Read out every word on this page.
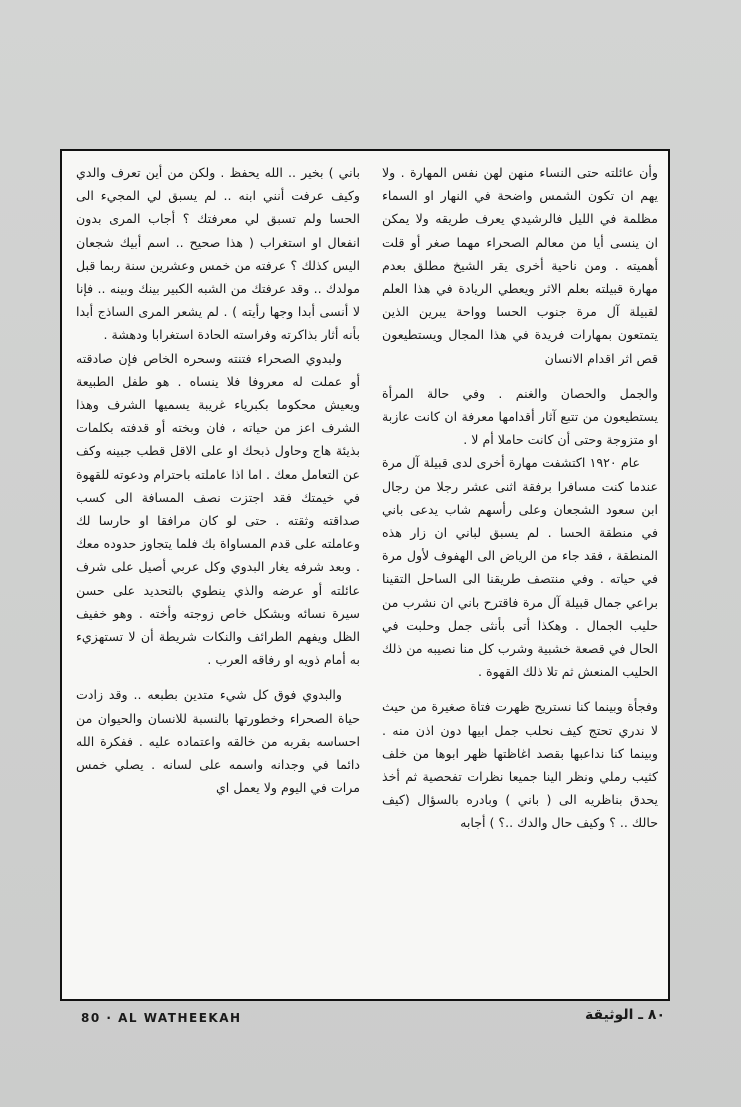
وأن عائلته حتى النساء منهن لهن نفس المهارة . ولا يهم ان تكون الشمس واضحة في النهار او السماء مظلمة في الليل فالرشيدي يعرف طريقه ولا يمكن ان ينسى أيا من معالم الصحراء مهما صغر أو قلت أهميته . ومن ناحية أخرى يقر الشيخ مطلق بعدم مهارة قبيلته بعلم الاثر ويعطي الريادة في هذا العلم لقبيلة آل مرة جنوب الحسا وواحة يبرين الذين يتمتعون بمهارات فريدة في هذا المجال ويستطيعون قص اثر اقدام الانسان

والجمل والحصان والغنم . وفي حالة المرأة يستطيعون من تتبع آثار أقدامها معرفة ان كانت عازبة او متزوجة وحتى أن كانت حاملا أم لا .

عام ١٩٢٠ اكتشفت مهارة أخرى لدى قبيلة آل مرة عندما كنت مسافرا برفقة اثنى عشر رجلا من رجال ابن سعود الشجعان وعلى رأسهم شاب يدعى باني في منطقة الحسا . لم يسبق لباني ان زار هذه المنطقة ، فقد جاء من الرياض الى الهفوف لأول مرة في حياته . وفي منتصف طريقنا الى الساحل التقينا براعي جمال قبيلة آل مرة فاقترح باني ان نشرب من حليب الجمال . وهكذا أتى بأنثى جمل وحلبت في الحال في قصعة خشبية وشرب كل منا نصيبه من ذلك الحليب المنعش ثم تلا ذلك القهوة .

وفجأة وبينما كنا نستريح ظهرت فتاة صغيرة من حيث لا ندري تحتج كيف نحلب جمل ابيها دون اذن منه . وبينما كنا نداعبها بقصد اغاظتها ظهر ابوها من خلف كثيب رملي ونظر الينا جميعا نظرات تفحصية ثم أخذ يحدق بناظريه الى ( باني ) وبادره بالسؤال (كيف حالك .. ؟ وكيف حال والدك ..؟ ) أجابه

باني ) بخير .. الله يحفظ . ولكن من أين تعرف والدي وكيف عرفت أنني ابنه .. لم يسبق لي المجيء الى الحسا ولم تسبق لي معرفتك ؟ أجاب المرى بدون انفعال او استغراب ( هذا صحيح .. اسم أبيك شجعان اليس كذلك ؟ عرفته من خمس وعشرين سنة ربما قبل مولدك .. وقد عرفتك من الشبه الكبير بينك وبينه .. فإنا لا أنسى أبدا وجها رأيته ) . لم يشعر المرى الساذج أبدا بأنه أثار بذاكرته وفراسته الحادة استغرابا ودهشة .

ولبدوي الصحراء فتنته وسحره الخاص فإن صادقته أو عملت له معروفا فلا ينساه . هو طفل الطبيعة ويعيش محكوما بكبرياء غريبة يسميها الشرف وهذا الشرف اعز من حياته ، فان وبخته أو قدفته بكلمات بذيئة هاج وحاول ذبحك او على الاقل قطب جبينه وكف عن التعامل معك . اما اذا عاملته باحترام ودعوته للقهوة في خيمتك فقد اجتزت نصف المسافة الى كسب صداقته وثقته . حتى لو كان مرافقا او حارسا لك وعاملته على قدم المساواة بك فلما يتجاوز حدوده معك . وبعد شرفه يغار البدوي وكل عربي أصيل على شرف عائلته أو عرضه والذي ينطوي بالتحديد على حسن سيرة نسائه وبشكل خاص زوجته وأخته . وهو خفيف الظل ويفهم الطرائف والنكات شريطة أن لا تستهزيء به أمام ذويه او رفاقه العرب .

والبدوي فوق كل شيء متدين بطبعه .. وقد زادت حياة الصحراء وخطورتها بالنسبة للانسان والحيوان من احساسه بقربه من خالقه واعتماده عليه . ففكرة الله دائما في وجدانه واسمه على لسانه . يصلي خمس مرات في اليوم ولا يعمل اي

80 · AL WATHEEKAH	٨٠ ـ الوثيقة
